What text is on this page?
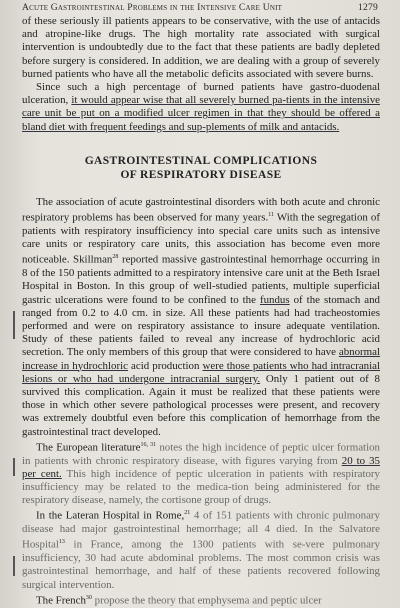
Acute Gastrointestinal Problems in the Intensive Care Unit	1279

of these seriously ill patients appears to be conservative, with the use of antacids and atropine-like drugs. The high mortality rate associated with surgical intervention is undoubtedly due to the fact that these patients are badly depleted before surgery is considered. In addition, we are dealing with a group of severely burned patients who have all the metabolic deficits associated with severe burns.

Since such a high percentage of burned patients have gastro-duodenal ulceration, it would appear wise that all severely burned pa-tients in the intensive care unit be put on a modified ulcer regimen in that they should be offered a bland diet with frequent feedings and sup-plements of milk and antacids.

GASTROINTESTINAL COMPLICATIONS
OF RESPIRATORY DISEASE

The association of acute gastrointestinal disorders with both acute and chronic respiratory problems has been observed for many years.$^{11}$ With the segregation of patients with respiratory insufficiency into special care units such as intensive care units or respiratory care units, this association has become even more noticeable. Skillman$^{28}$ reported massive gastrointestinal hemorrhage occurring in 8 of the 150 patients admitted to a respiratory intensive care unit at the Beth Israel Hospital in Boston. In this group of well-studied patients, multiple superficial gastric ulcerations were found to be confined to the fundus of the stomach and ranged from 0.2 to 4.0 cm. in size. All these patients had had tracheostomies performed and were on respiratory assistance to insure adequate ventilation. Study of these patients failed to reveal any increase of hydrochloric acid secretion. The only members of this group that were considered to have abnormal increase in hydrochloric acid production were those patients who had intracranial lesions or who had undergone intracranial surgery. Only 1 patient out of 8 survived this complication. Again it must be realized that these patients were those in which other severe pathological processes were present, and recovery was extremely doubtful even before this complication of hemorrhage from the gastrointestinal tract developed.

The European literature$^{16, 31}$ notes the high incidence of peptic ulcer formation in patients with chronic respiratory disease, with figures varying from 20 to 35 per cent. This high incidence of peptic ulceration in patients with respiratory insufficiency may be related to the medica-tion being administered for the respiratory disease, namely, the cortisone group of drugs.

In the Lateran Hospital in Rome,$^{21}$ 4 of 151 patients with chronic pulmonary disease had major gastrointestinal hemorrhage; all 4 died. In the Salvatore Hospital$^{13}$ in France, among the 1300 patients with se-vere pulmonary insufficiency, 30 had acute abdominal problems. The most common crisis was gastrointestinal hemorrhage, and half of these patients recovered following surgical intervention.

The French$^{30}$ propose the theory that emphysema and peptic ulcer
